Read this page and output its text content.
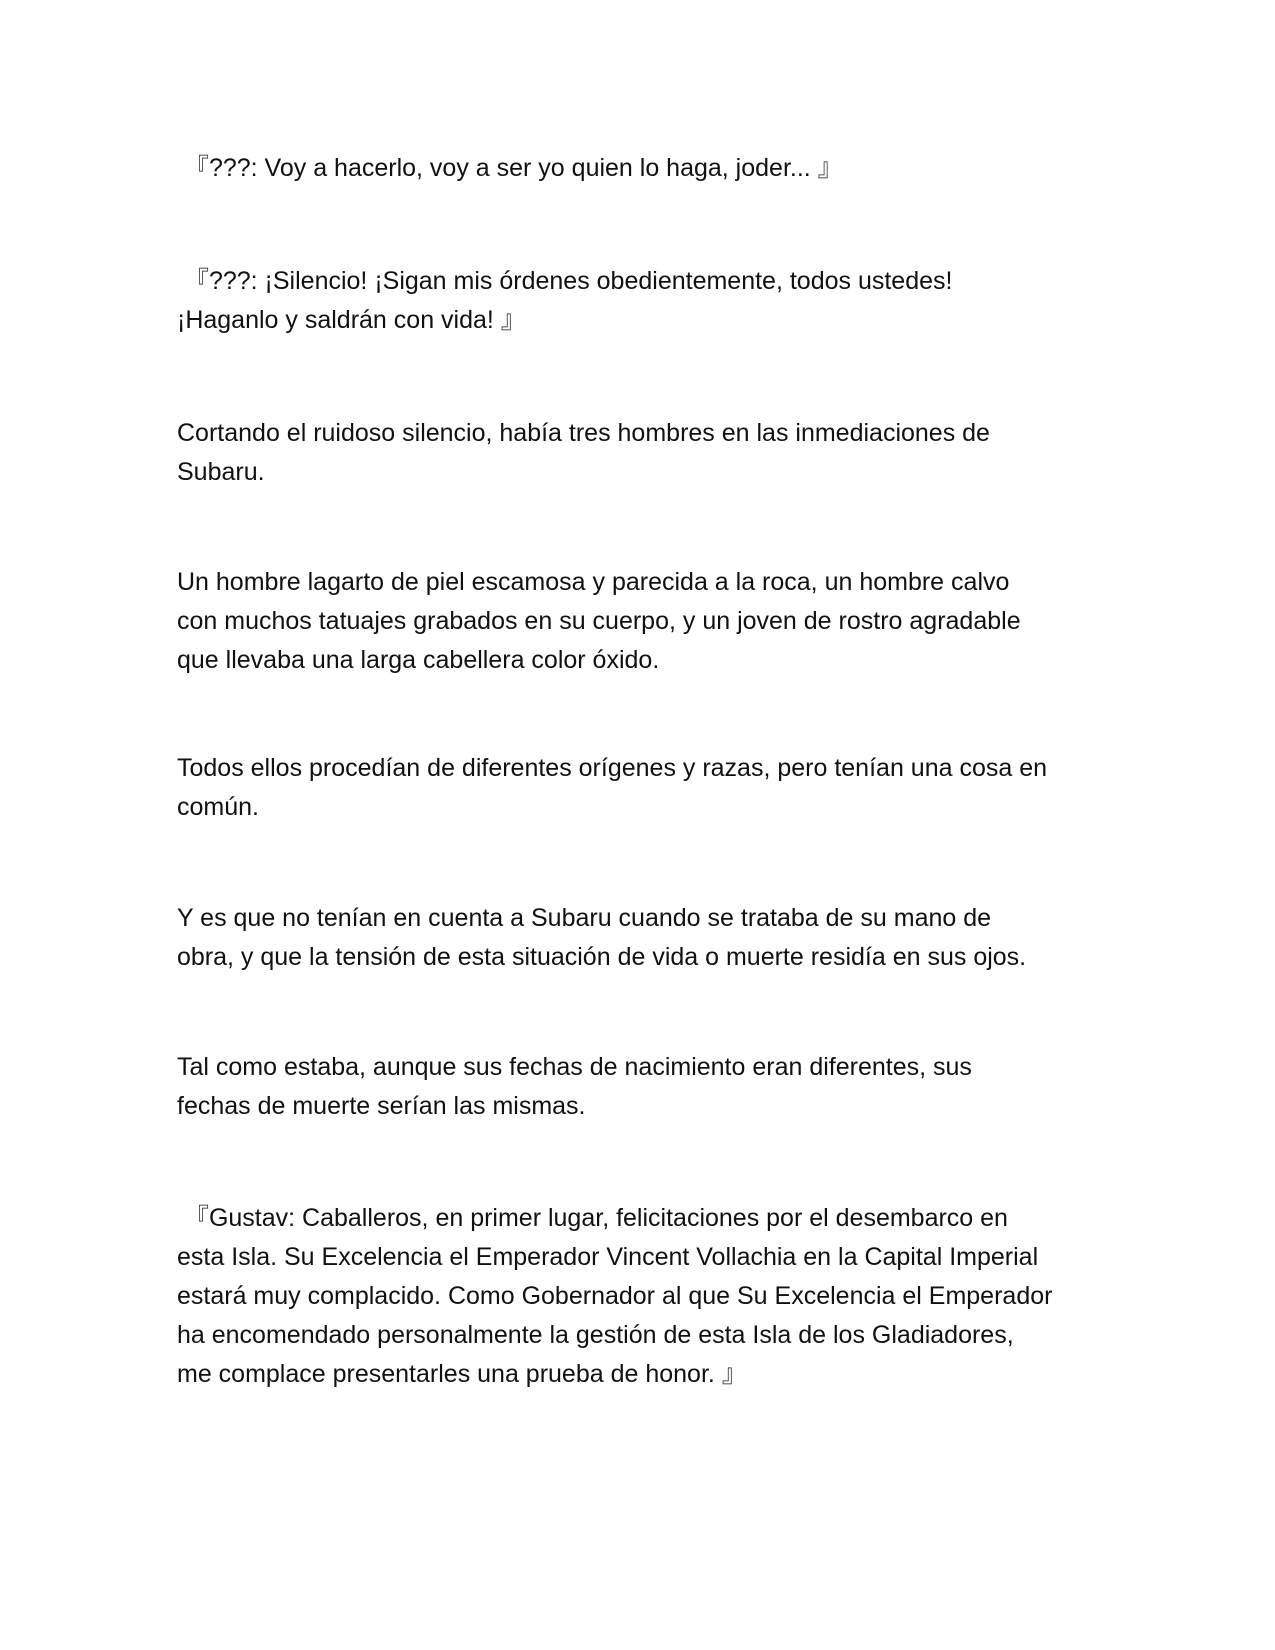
『???: Voy a hacerlo, voy a ser yo quien lo haga, joder... 』

『???: ¡Silencio! ¡Sigan mis órdenes obedientemente, todos ustedes!
¡Haganlo y saldrán con vida! 』

Cortando el ruidoso silencio, había tres hombres en las inmediaciones de
Subaru.

Un hombre lagarto de piel escamosa y parecida a la roca, un hombre calvo
con muchos tatuajes grabados en su cuerpo, y un joven de rostro agradable
que llevaba una larga cabellera color óxido.

Todos ellos procedían de diferentes orígenes y razas, pero tenían una cosa en
común.

Y es que no tenían en cuenta a Subaru cuando se trataba de su mano de
obra, y que la tensión de esta situación de vida o muerte residía en sus ojos.

Tal como estaba, aunque sus fechas de nacimiento eran diferentes, sus
fechas de muerte serían las mismas.

『Gustav: Caballeros, en primer lugar, felicitaciones por el desembarco en
esta Isla. Su Excelencia el Emperador Vincent Vollachia en la Capital Imperial
estará muy complacido. Como Gobernador al que Su Excelencia el Emperador
ha encomendado personalmente la gestión de esta Isla de los Gladiadores,
me complace presentarles una prueba de honor. 』
